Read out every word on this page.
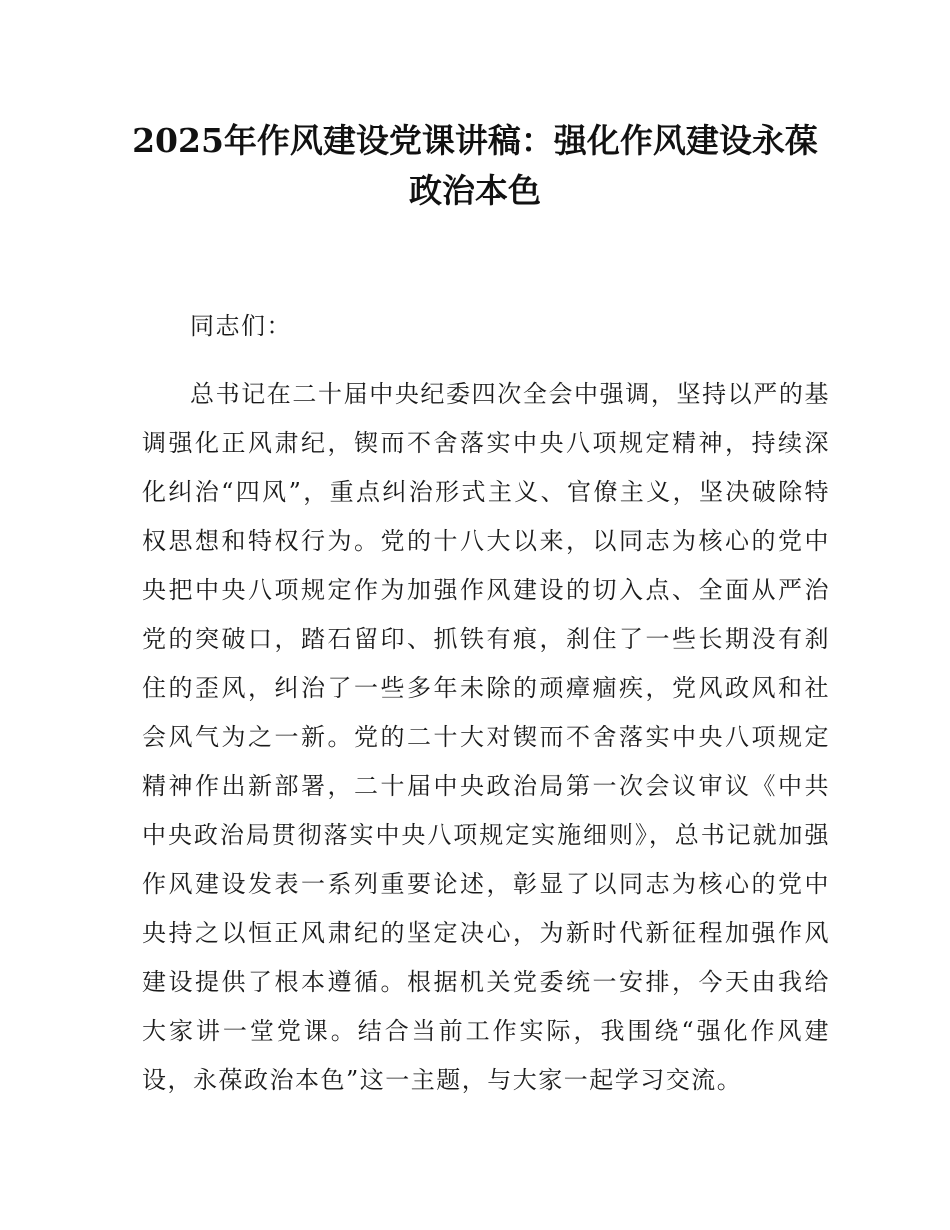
2025年作风建设党课讲稿：强化作风建设永葆政治本色

同志们：

总书记在二十届中央纪委四次全会中强调，坚持以严的基调强化正风肃纪，锲而不舍落实中央八项规定精神，持续深化纠治“四风”，重点纠治形式主义、官僚主义，坚决破除特权思想和特权行为。党的十八大以来，以同志为核心的党中央把中央八项规定作为加强作风建设的切入点、全面从严治党的突破口，踏石留印、抓铁有痕，刹住了一些长期没有刹住的歪风，纠治了一些多年未除的顽瘴痼疾，党风政风和社会风气为之一新。党的二十大对锲而不舍落实中央八项规定精神作出新部署，二十届中央政治局第一次会议审议《中共中央政治局贯彻落实中央八项规定实施细则》，总书记就加强作风建设发表一系列重要论述，彰显了以同志为核心的党中央持之以恒正风肃纪的坚定决心，为新时代新征程加强作风建设提供了根本遵循。根据机关党委统一安排，今天由我给大家讲一堂党课。结合当前工作实际，我围绕“强化作风建设，永葆政治本色”这一主题，与大家一起学习交流。
